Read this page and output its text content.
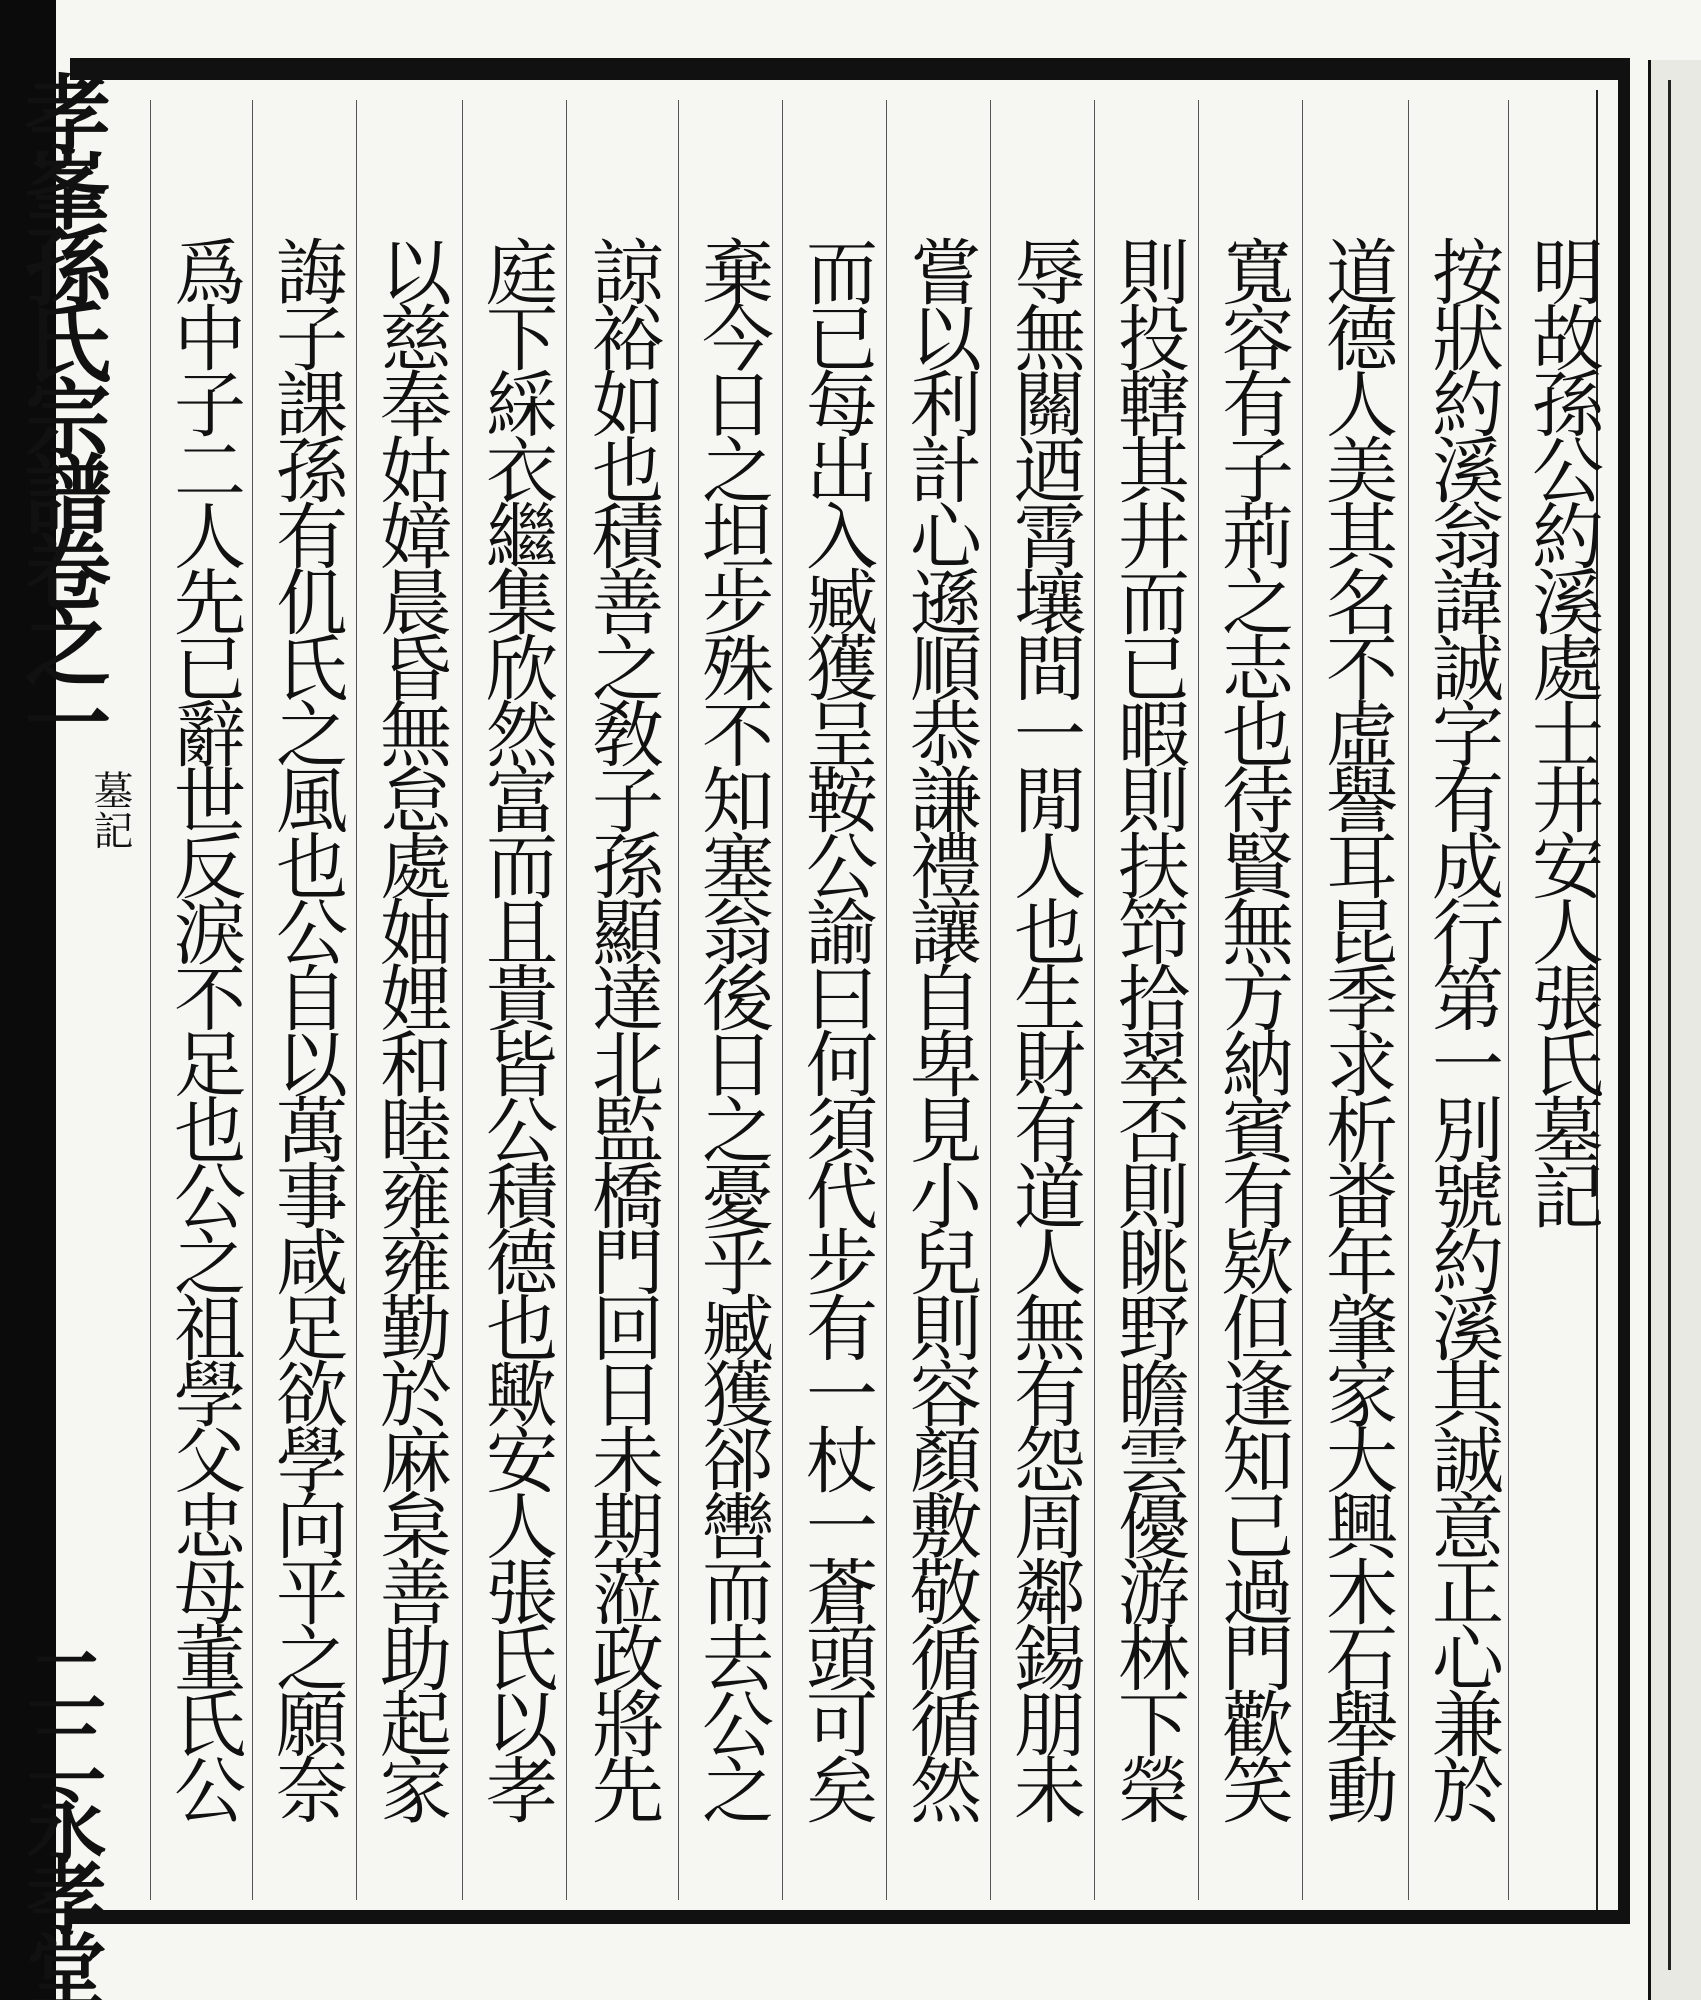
明故孫公約溪處士井安人張氏墓記
按狀約溪翁諱誠字有成行第一別號約溪其誠意正心兼於
道德人美其名不虛譽耳昆季求析畨年肇家大興木石舉動
寬容有子荊之志也待賢無方納賓有欵但逢知己過門歡笑
則投轄其井而已暇則扶笻拾翠否則眺野瞻雲優游林下榮
辱無關迺霄壤間一閒人也生財有道人無有怨周鄰錫朋未
嘗以利計心遜順恭謙禮讓自卑見小兒則容顏敷敬循循然
而已每出入臧獲呈鞍公諭曰何須代步有一杖一蒼頭可矣
棄今日之坦步殊不知塞翁後日之憂乎臧獲郤轡而去公之
諒裕如也積善之敎子孫顯達北監橋門回日未期蒞政將先
庭下綵衣繼集欣然富而且貴皆公積德也歟安人張氏以孝
以慈奉姑嫜晨昏無怠處妯娌和睦雍雍勤於麻枲善助起家
誨子課孫有仉氏之風也公自以萬事咸足欲學向平之願奈
爲中子二人先已辭世反淚不足也公之祖學父忠母董氏公
孝峯孫氏宗譜卷之一
墓記
二二永孝堂
